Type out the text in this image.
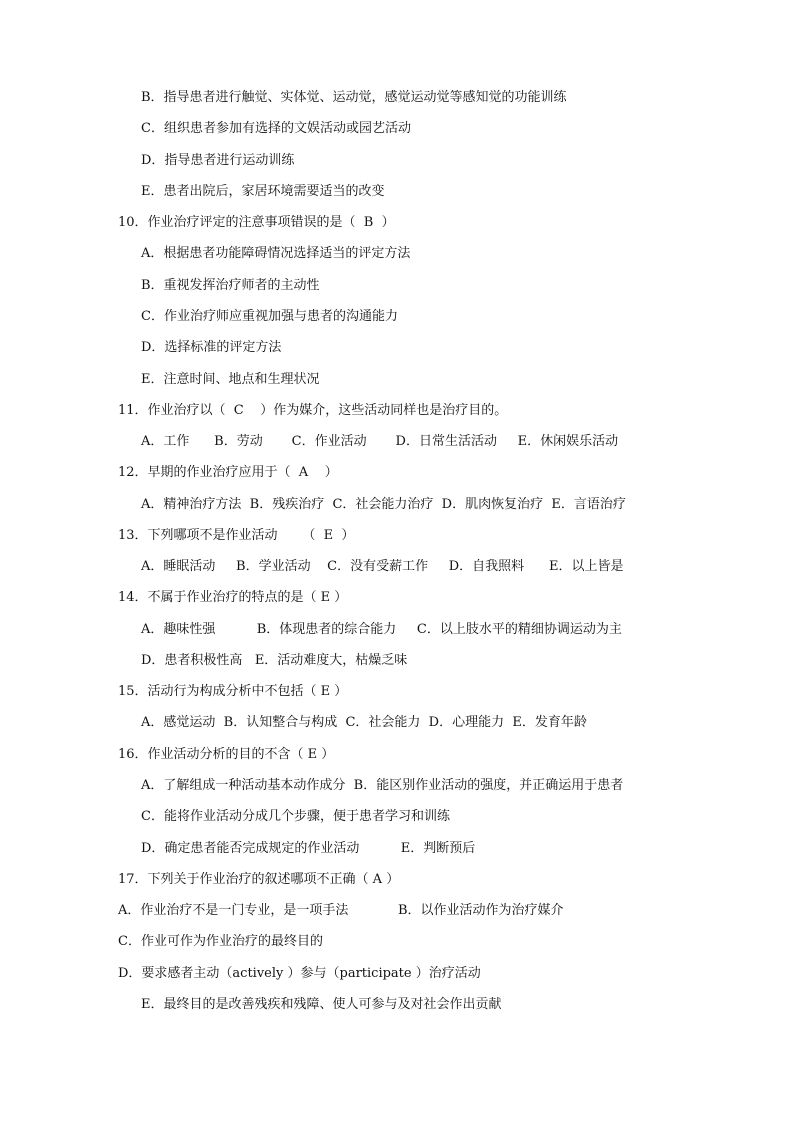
B．指导患者进行触觉、实体觉、运动觉，感觉运动觉等感知觉的功能训练
C．组织患者参加有选择的文娱活动或园艺活动
D．指导患者进行运动训练
E．患者出院后，家居环境需要适当的改变
10．作业治疗评定的注意事项错误的是（  B  ）
A．根据患者功能障碍情况选择适当的评定方法
B．重视发挥治疗师者的主动性
C．作业治疗师应重视加强与患者的沟通能力
D．选择标准的评定方法
E．注意时间、地点和生理状况
11．作业治疗以（  C    ）作为媒介，这些活动同样也是治疗目的。
A．工作      B．劳动       C．作业活动       D．日常生活活动     E．休闲娱乐活动
12．早期的作业治疗应用于（  A    ）
A．精神治疗方法  B．残疾治疗  C．社会能力治疗  D．肌肉恢复治疗  E．言语治疗
13．下列哪项不是作业活动      （  E  ）
A．睡眠活动     B．学业活动    C．没有受薪工作     D．自我照料      E．以上皆是
14．不属于作业治疗的特点的是（ E ）
A．趣味性强          B．体现患者的综合能力     C．以上肢水平的精细协调运动为主
D．患者积极性高   E．活动难度大，枯燥乏味
15．活动行为构成分析中不包括（ E ）
A．感觉运动  B．认知整合与构成  C．社会能力  D．心理能力  E．发育年龄
16．作业活动分析的目的不含（ E ）
A．了解组成一种活动基本动作成分  B．能区别作业活动的强度，并正确运用于患者
C．能将作业活动分成几个步骤，便于患者学习和训练
D．确定患者能否完成规定的作业活动          E．判断预后
17．下列关于作业治疗的叙述哪项不正确（ A ）
A．作业治疗不是一门专业，是一项手法            B．以作业活动作为治疗媒介
C．作业可作为作业治疗的最终目的
D．要求感者主动（actively ）参与（participate ）治疗活动
E．最终目的是改善残疾和残障、使人可参与及对社会作出贡献
